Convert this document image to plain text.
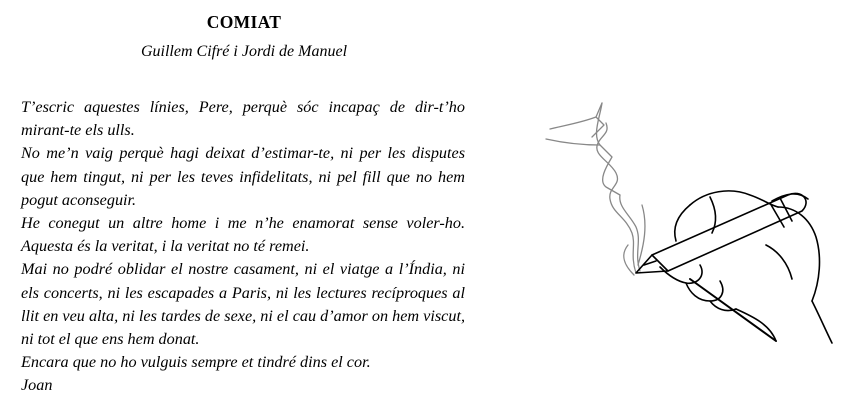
COMIAT
Guillem Cifré i Jordi de Manuel
T’escric aquestes línies, Pere, perquè sóc incapaç de dir-t’ho mirant-te els ulls.
No me’n vaig perquè hagi deixat d’estimar-te, ni per les disputes que hem tingut, ni per les teves infidelitats, ni pel fill que no hem pogut aconseguir.
He conegut un altre home i me n’he enamorat sense voler-ho. Aquesta és la veritat, i la veritat no té remei.
Mai no podré oblidar el nostre casament, ni el viatge a l’Índia, ni els concerts, ni les escapades a Paris, ni les lectures recíproques al llit en veu alta, ni les tardes de sexe, ni el cau d’amor on hem viscut, ni tot el que ens hem donat.
Encara que no ho vulguis sempre et tindré dins el cor.
Joan
